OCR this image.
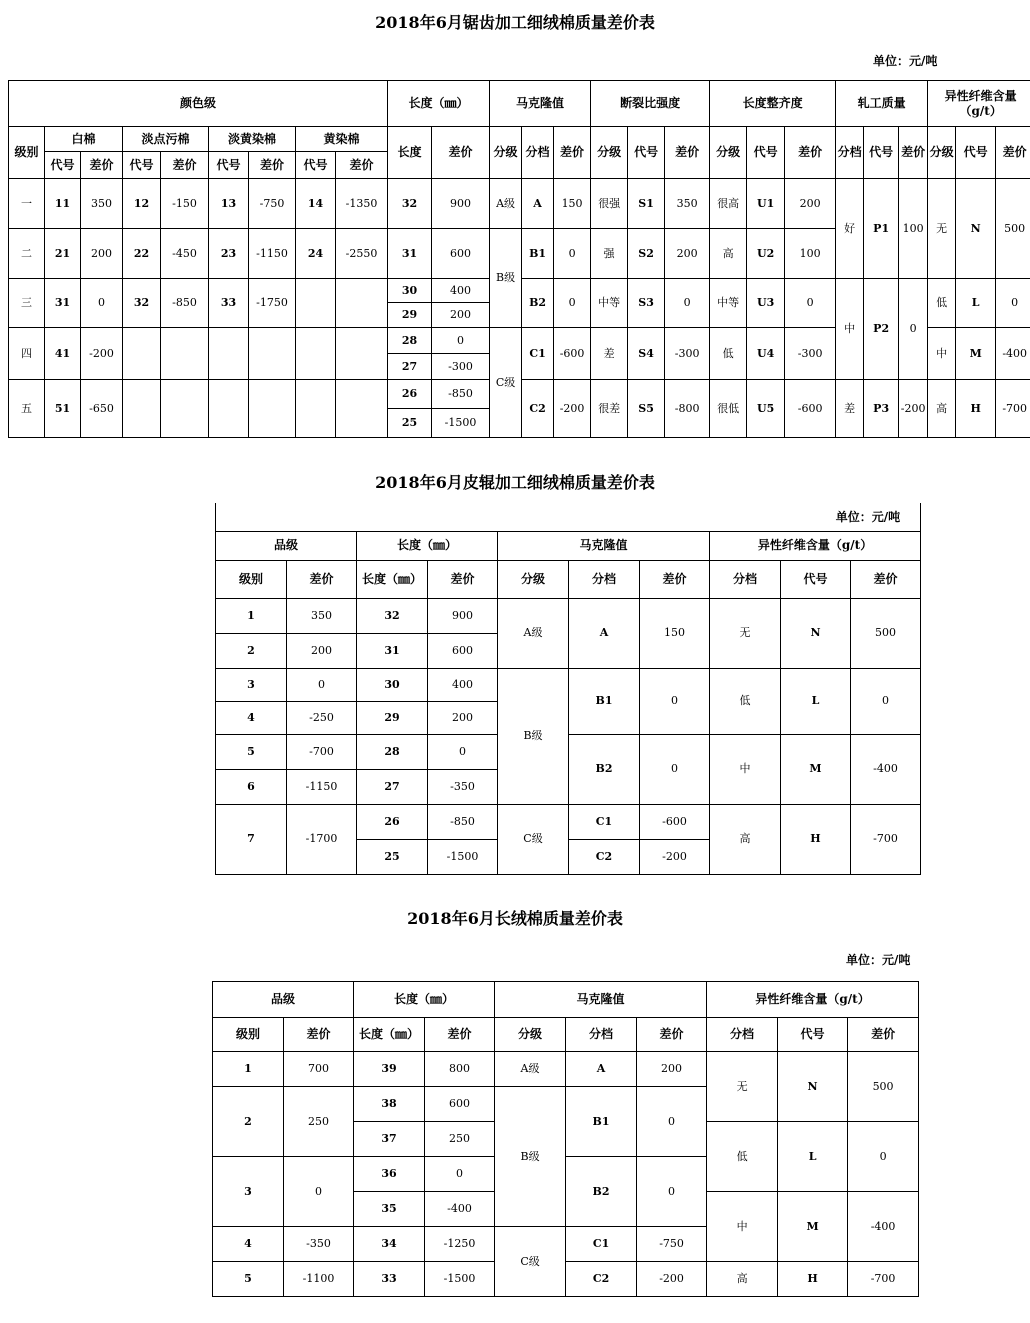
2018年6月锯齿加工细绒棉质量差价表
单位：元/吨
颜色级									长度（㎜）		马克隆值			断裂比强度			长度整齐度			轧工质量			异性纤维含量（g/t）		
级别	白棉		淡点污棉		淡黄染棉		黄染棉		长度	差价	分级	分档	差价	分级	代号	差价	分级	代号	差价	分档	代号	差价	分级	代号	差价
	代号	差价	代号	差价	代号	差价	代号	差价																	
一	11	350	12	-150	13	-750	14	-1350	32	900	A级	A	150	很强	S1	350	很高	U1	200	好	P1	100	无	N	500
二	21	200	22	-450	23	-1150	24	-2550	31	600	B级	B1	0	强	S2	200	高	U2	100						
三	31	0	32	-850	33	-1750			30	400		B2	0	中等	S3	0	中等	U3	0	中	P2	0	低	L	0
									29	200															
四	41	-200							28	0	C级	C1	-600	差	S4	-300	低	U4	-300				中	M	-400
									27	-300															
五	51	-650							26	-850		C2	-200	很差	S5	-800	很低	U5	-600	差	P3	-200	高	H	-700
									25	-1500															
2018年6月皮辊加工细绒棉质量差价表
单位：元/吨									
品级		长度（㎜）		马克隆值			异性纤维含量（g/t）		
级别	差价	长度（㎜）	差价	分级	分档	差价	分档	代号	差价
1	350	32	900	A级	A	150	无	N	500
2	200	31	600						
3	0	30	400	B级	B1	0	低	L	0
4	-250	29	200						
5	-700	28	0		B2	0	中	M	-400
6	-1150	27	-350						
7	-1700	26	-850	C级	C1	-600	高	H	-700
		25	-1500		C2	-200			
2018年6月长绒棉质量差价表
单位：元/吨
品级		长度（㎜）		马克隆值			异性纤维含量（g/t）		
级别	差价	长度（㎜）	差价	分级	分档	差价	分档	代号	差价
1	700	39	800	A级	A	200	无	N	500
2	250	38	600	B级	B1	0			
		37	250				低	L	0
3	0	36	0		B2	0			
		35	-400				中	M	-400
4	-350	34	-1250	C级	C1	-750			
5	-1100	33	-1500		C2	-200	高	H	-700
